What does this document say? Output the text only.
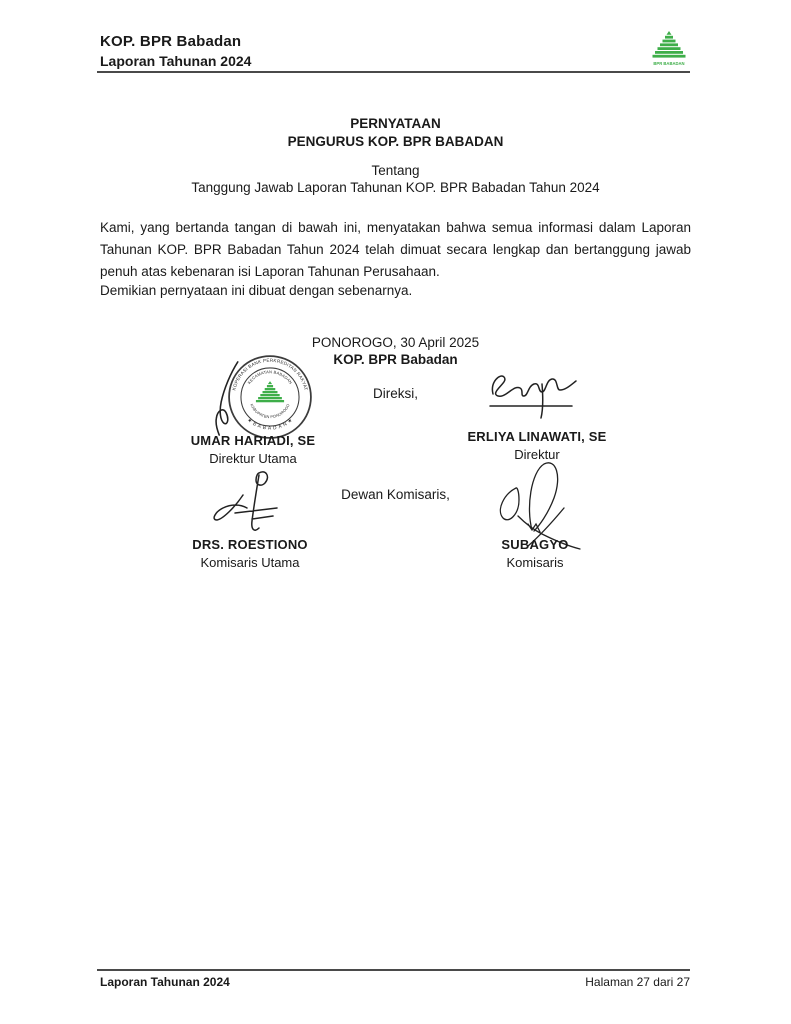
KOP. BPR Babadan
Laporan Tahunan 2024	BPR BABADAN
PERNYATAAN
PENGURUS KOP. BPR BABADAN
Tentang
Tanggung Jawab Laporan Tahunan KOP. BPR Babadan Tahun 2024
Kami, yang bertanda tangan di bawah ini, menyatakan bahwa semua informasi dalam Laporan Tahunan KOP. BPR Babadan Tahun 2024 telah dimuat secara lengkap dan bertanggung jawab penuh atas kebenaran isi Laporan Tahunan Perusahaan.
Demikian pernyataan ini dibuat dengan sebenarnya.
PONOROGO, 30 April 2025
KOP. BPR Babadan
Direksi,
KOPERASI BANK PERKREDITAN RAKYAT
★ B A B A D A N ★
KECAMATAN BABADAN
KABUPATEN PONOROGO
UMAR HARIADI, SE
Direktur Utama
ERLIYA LINAWATI, SE
Direktur
Dewan Komisaris,
DRS. ROESTIONO
Komisaris Utama
SUBAGYO
Komisaris
Laporan Tahunan 2024	Halaman 27 dari 27
